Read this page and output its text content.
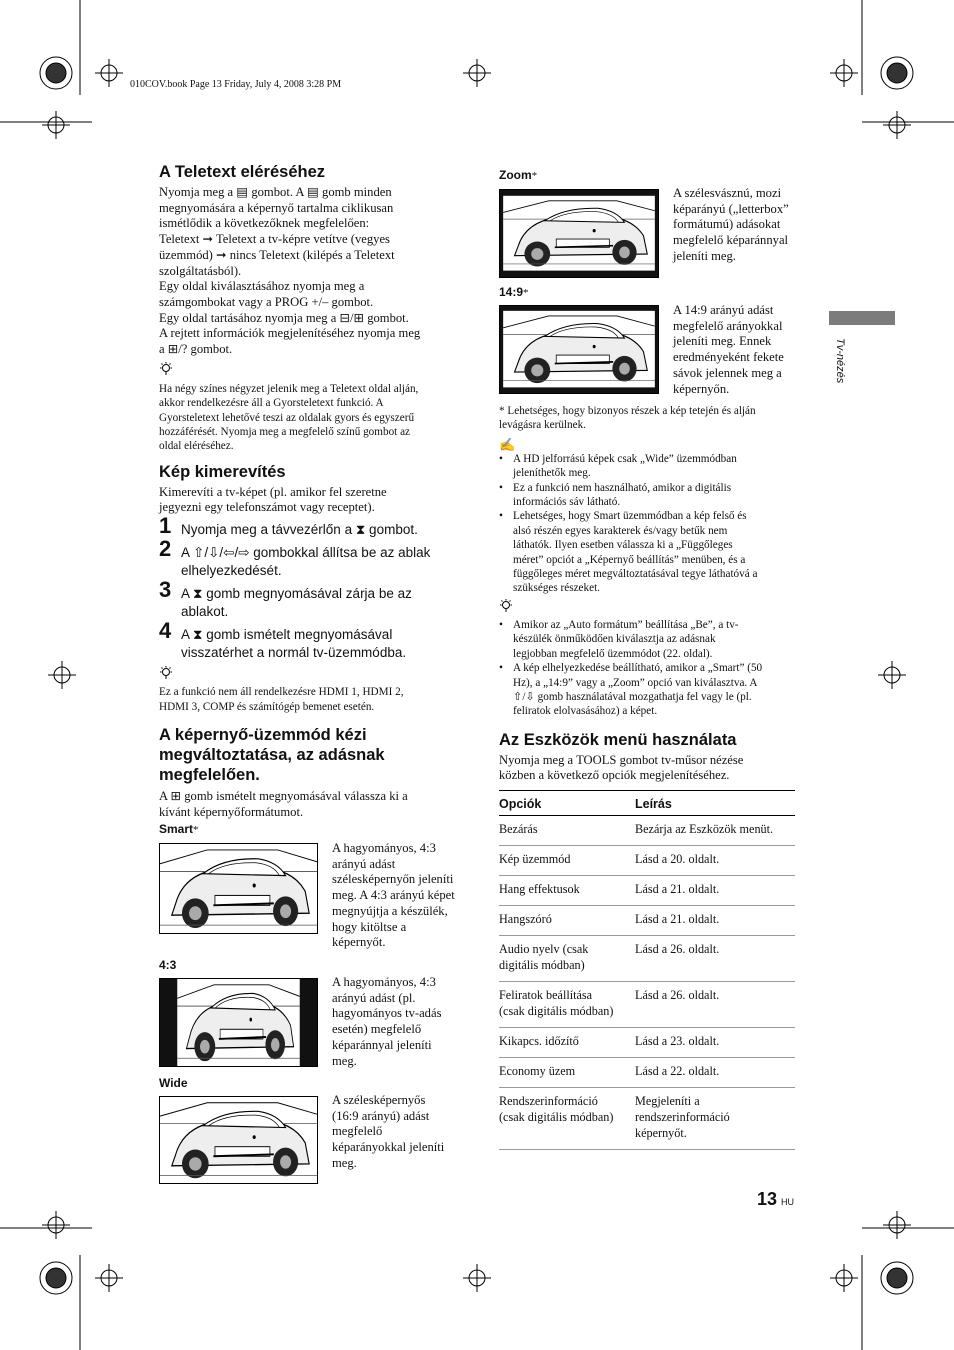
010COV.book Page 13 Friday, July 4, 2008 3:28 PM
Tv-nézés
A Teletext eléréséhez
Nyomja meg a ▤ gombot. A ▤ gomb minden
megnyomására a képernyő tartalma ciklikusan
ismétlődik a következőknek megfelelően:
Teletext ➞ Teletext a tv-képre vetítve (vegyes
üzemmód) ➞ nincs Teletext (kilépés a Teletext
szolgáltatásból).
Egy oldal kiválasztásához nyomja meg a
számgombokat vagy a PROG +/– gombot.
Egy oldal tartásához nyomja meg a ⊟/⊞ gombot.
A rejtett információk megjelenítéséhez nyomja meg
a ⊞/? gombot.
Ha négy színes négyzet jelenik meg a Teletext oldal alján,
akkor rendelkezésre áll a Gyorsteletext funkció. A
Gyorsteletext lehetővé teszi az oldalak gyors és egyszerű
hozzáférését. Nyomja meg a megfelelő színű gombot az
oldal eléréséhez.
Kép kimerevítés
Kimerevíti a tv-képet (pl. amikor fel szeretne
jegyezni egy telefonszámot vagy receptet).
1 Nyomja meg a távvezérlőn a ⧗ gombot.
2 A ⇧/⇩/⇦/⇨ gombokkal állítsa be az ablak
elhelyezkedését.
3 A ⧗ gomb megnyomásával zárja be az
ablakot.
4 A ⧗ gomb ismételt megnyomásával
visszatérhet a normál tv-üzemmódba.
Ez a funkció nem áll rendelkezésre HDMI 1, HDMI 2,
HDMI 3, COMP és számítógép bemenet esetén.
A képernyő-üzemmód kézi
megváltoztatása, az adásnak
megfelelően.
A ⊞ gomb ismételt megnyomásával válassza ki a
kívánt képernyőformátumot.
Smart*
A hagyományos, 4:3
arányú adást
szélesképernyőn jeleníti
meg. A 4:3 arányú képet
megnyújtja a készülék,
hogy kitöltse a
képernyőt.
4:3
A hagyományos, 4:3
arányú adást (pl.
hagyományos tv-adás
esetén) megfelelő
képaránnyal jeleníti
meg.
Wide
A szélesképernyős
(16:9 arányú) adást
megfelelő
képarányokkal jeleníti
meg.
Zoom*
A szélesvásznú, mozi
képarányú („letterbox”
formátumú) adásokat
megfelelő képaránnyal
jeleníti meg.
14:9*
A 14:9 arányú adást
megfelelő arányokkal
jeleníti meg. Ennek
eredményeként fekete
sávok jelennek meg a
képernyőn.
* Lehetséges, hogy bizonyos részek a kép tetején és alján
levágásra kerülnek.
✍
• A HD jelforrású képek csak „Wide” üzemmódban
jeleníthetők meg.
• Ez a funkció nem használható, amikor a digitális
információs sáv látható.
• Lehetséges, hogy Smart üzemmódban a kép felső és
alsó részén egyes karakterek és/vagy betűk nem
láthatók. Ilyen esetben válassza ki a „Függőleges
méret” opciót a „Képernyő beállítás” menüben, és a
függőleges méret megváltoztatásával tegye láthatóvá a
szükséges részeket.
• Amikor az „Auto formátum” beállítása „Be”, a tv-
készülék önműködően kiválasztja az adásnak
legjobban megfelelő üzemmódot (22. oldal).
• A kép elhelyezkedése beállítható, amikor a „Smart” (50
Hz), a „14:9” vagy a „Zoom” opció van kiválasztva. A
⇧/⇩ gomb használatával mozgathatja fel vagy le (pl.
feliratok elolvasásához) a képet.
Az Eszközök menü használata
Nyomja meg a TOOLS gombot tv-műsor nézése
közben a következő opciók megjelenítéséhez.
Opciók	Leírás
Bezárás	Bezárja az Eszközök menüt.
Kép üzemmód	Lásd a 20. oldalt.
Hang effektusok	Lásd a 21. oldalt.
Hangszóró	Lásd a 21. oldalt.
Audio nyelv (csak
digitális módban)	Lásd a 26. oldalt.
Feliratok beállítása
(csak digitális módban)	Lásd a 26. oldalt.
Kikapcs. időzítő	Lásd a 23. oldalt.
Economy üzem	Lásd a 22. oldalt.
Rendszerinformáció
(csak digitális módban)	Megjeleníti a
rendszerinformáció
képernyőt.
13 HU
